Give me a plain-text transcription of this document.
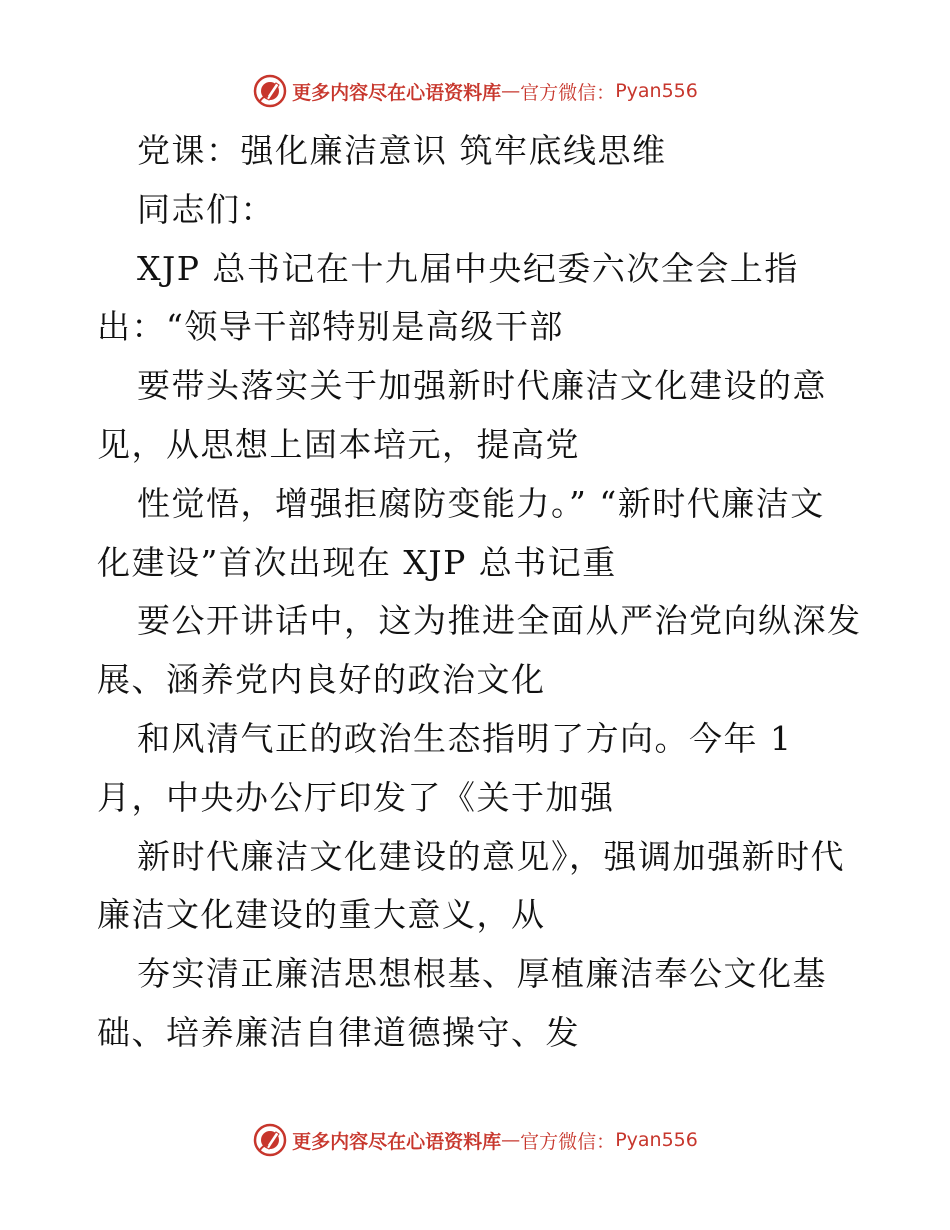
更多内容尽在心语资料库 — 官方微信： Pyan556
党课：强化廉洁意识 筑牢底线思维
同志们：
XJP 总书记在十九届中央纪委六次全会上指
出：“领导干部特别是高级干部
要带头落实关于加强新时代廉洁文化建设的意
见，从思想上固本培元，提高党
性觉悟，增强拒腐防变能力。” “新时代廉洁文
化建设”首次出现在 XJP 总书记重
要公开讲话中，这为推进全面从严治党向纵深发
展、涵养党内良好的政治文化
和风清气正的政治生态指明了方向。今年 1
月，中央办公厅印发了《关于加强
新时代廉洁文化建设的意见》，强调加强新时代
廉洁文化建设的重大意义，从
夯实清正廉洁思想根基、厚植廉洁奉公文化基
础、培养廉洁自律道德操守、发
更多内容尽在心语资料库 — 官方微信： Pyan556
